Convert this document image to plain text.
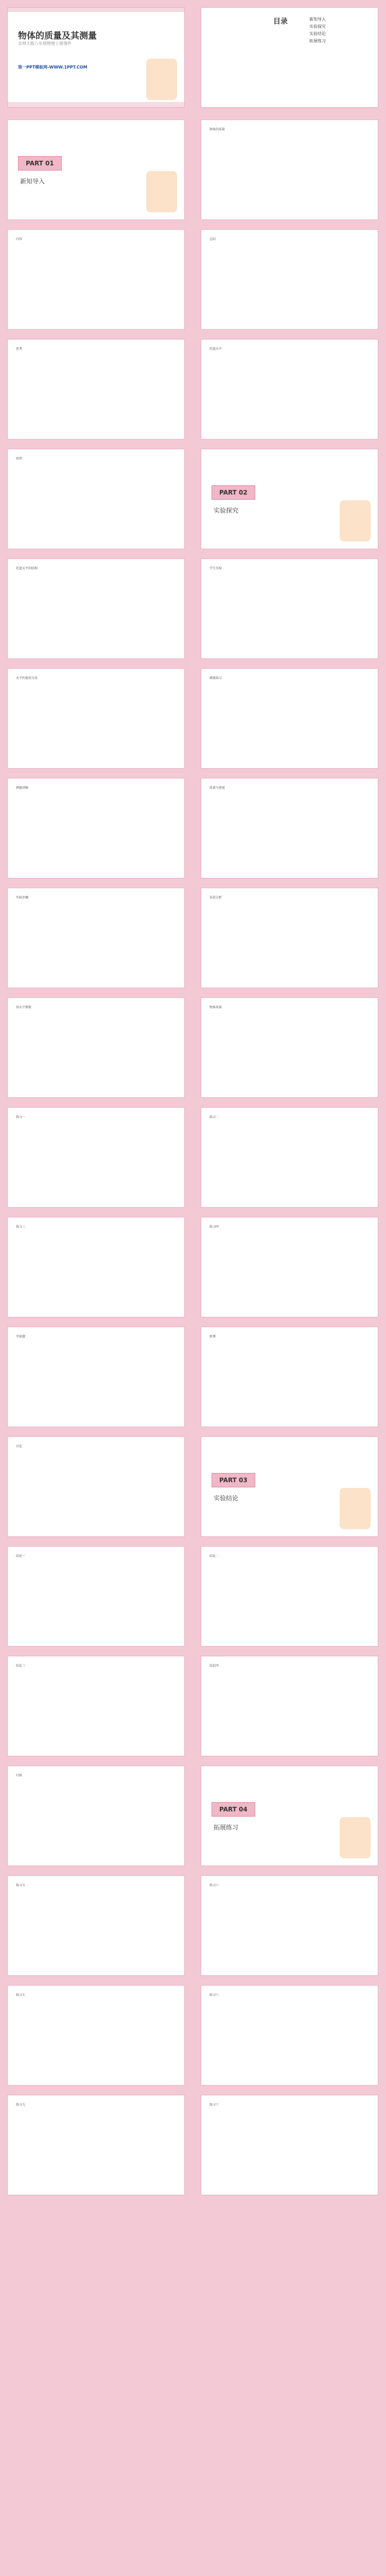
物体的质量及其测量
北师大版八年级物理上册课件
第一PPT模板网-WWW.1PPT.COM
目录	新知导入
实验探究
实验结论
拓展练习
PART 01
新知导入
物体的质量
内容	总结
思考	托盘天平
回答
PART 02
实验探究
托盘天平的结构	学生实验
天平的使用方法	测量练习
例题讲解	质量与密度
实验步骤	误差分析
用天平测量	物体质量
练习一	练习二
练习三	练习四
实验题	新课
讨论
PART 03
实验结论
结论一	结论二
结论三	结论四
归纳
PART 04
拓展练习
练习五	练习六
练习七	练习八
练习九	练习十
